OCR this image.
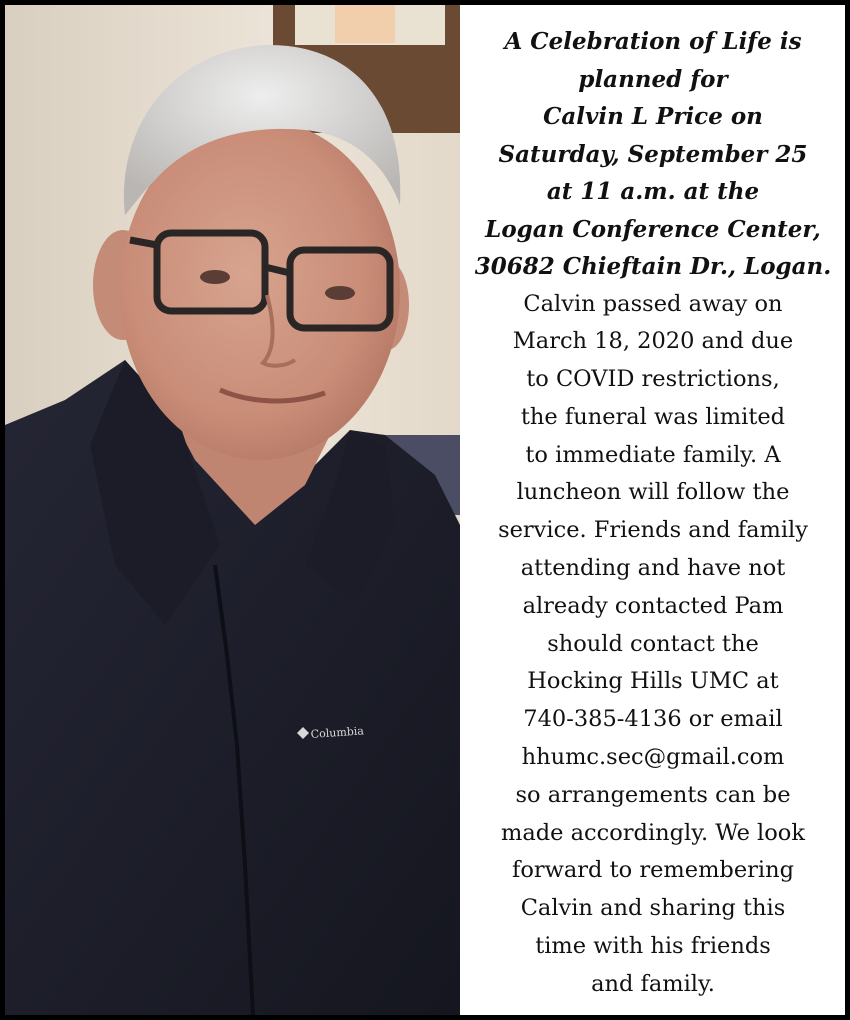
Columbia
A Celebration of Life is
planned for
Calvin L Price on
Saturday, September 25
at 11 a.m. at the
Logan Conference Center,
30682 Chieftain Dr., Logan.
Calvin passed away on
March 18, 2020 and due
to COVID restrictions,
the funeral was limited
to immediate family. A
luncheon will follow the
service. Friends and family
attending and have not
already contacted Pam
should contact the
Hocking Hills UMC at
740-385-4136 or email
hhumc.sec@gmail.com
so arrangements can be
made accordingly. We look
forward to remembering
Calvin and sharing this
time with his friends
and family.
